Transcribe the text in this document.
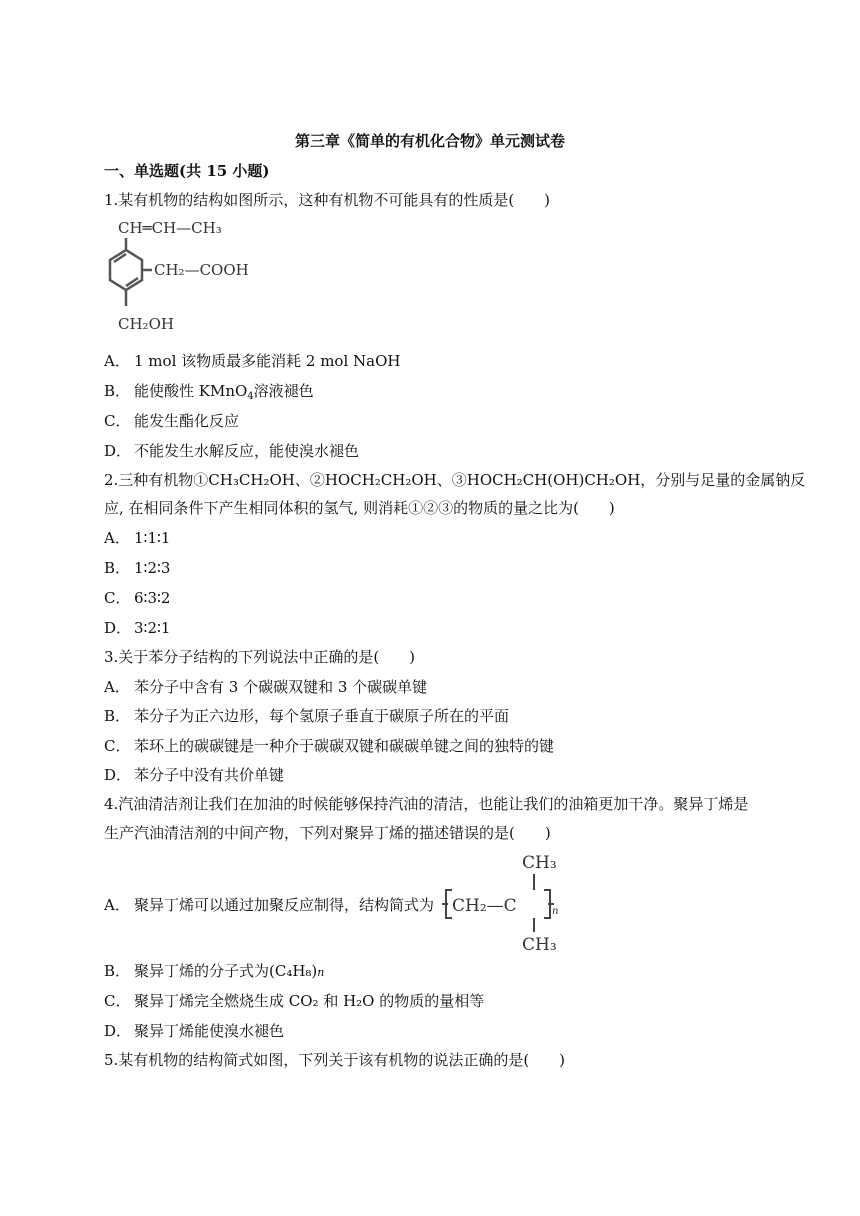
第三章《简单的有机化合物》单元测试卷
一、单选题(共 15 小题)
1.某有机物的结构如图所示，这种有机物不可能具有的性质是(　　)
CH═CH—CH₃
CH₂—COOH
CH₂OH
A． 1 mol 该物质最多能消耗 2 mol NaOH
B． 能使酸性 KMnO$_4$溶液褪色
C． 能发生酯化反应
D． 不能发生水解反应，能使溴水褪色
2.三种有机物①CH₃CH₂OH、②HOCH₂CH₂OH、③HOCH₂CH(OH)CH₂OH，分别与足量的金属钠反
应, 在相同条件下产生相同体积的氢气, 则消耗①②③的物质的量之比为(　　)
A． 1∶1∶1
B． 1∶2∶3
C． 6∶3∶2
D． 3∶2∶1
3.关于苯分子结构的下列说法中正确的是(　　)
A． 苯分子中含有 3 个碳碳双键和 3 个碳碳单键
B． 苯分子为正六边形，每个氢原子垂直于碳原子所在的平面
C． 苯环上的碳碳键是一种介于碳碳双键和碳碳单键之间的独特的键
D． 苯分子中没有共价单键
4.汽油清洁剂让我们在加油的时候能够保持汽油的清洁，也能让我们的油箱更加干净。聚异丁烯是
生产汽油清洁剂的中间产物，下列对聚异丁烯的描述错误的是(　　)
A． 聚异丁烯可以通过加聚反应制得，结构简式为
CH₃
CH₂—C	n
CH₃
B． 聚异丁烯的分子式为(C₄H₈)n
C． 聚异丁烯完全燃烧生成 CO₂ 和 H₂O 的物质的量相等
D． 聚异丁烯能使溴水褪色
5.某有机物的结构简式如图，下列关于该有机物的说法正确的是(　　)
